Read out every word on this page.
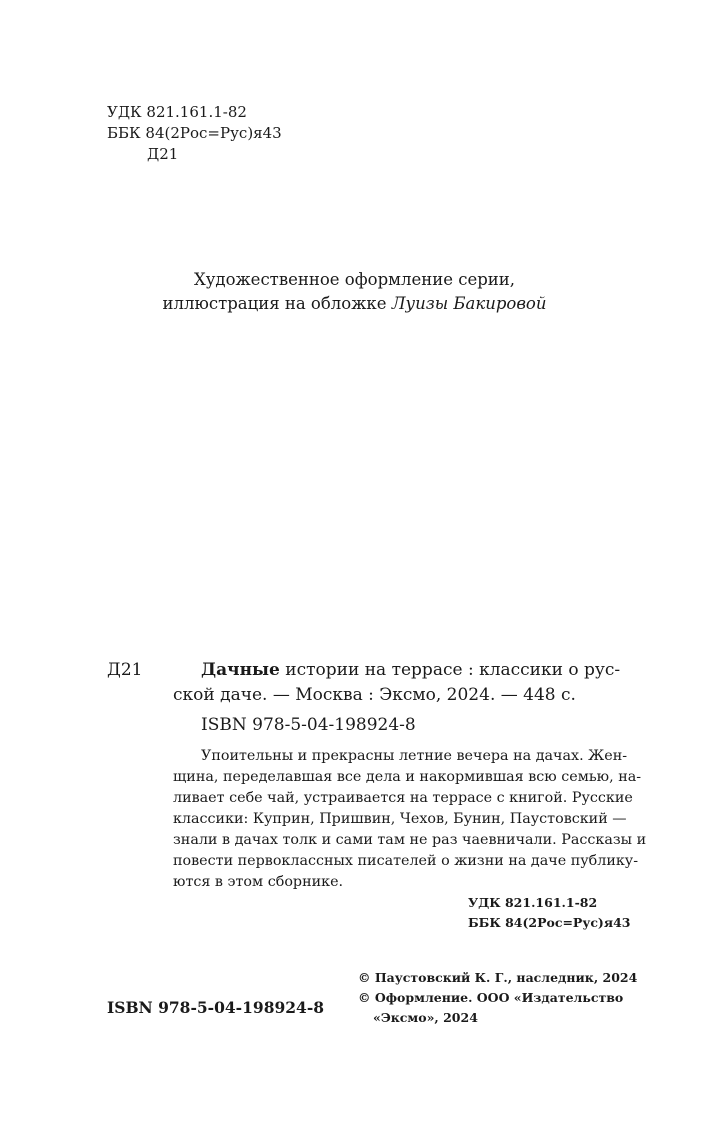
УДК 821.161.1-82
ББК 84(2Рос=Рус)я43
Д21
Художественное оформление серии,
иллюстрация на обложке Луизы Бакировой
Д21	Дачные истории на террасе : классики о рус-
ской даче. — Москва : Эксмо, 2024. — 448 с.
ISBN 978-5-04-198924-8
Упоительны и прекрасны летние вечера на дачах. Жен-
щина, переделавшая все дела и накормившая всю семью, на-
ливает себе чай, устраивается на террасе с книгой. Русские
классики: Куприн, Пришвин, Чехов, Бунин, Паустовский —
знали в дачах толк и сами там не раз чаевничали. Рассказы и
повести первоклассных писателей о жизни на даче публику-
ются в этом сборнике.
УДК 821.161.1-82
ББК 84(2Рос=Рус)я43
© Паустовский К. Г., наследник, 2024
© Оформление. ООО «Издательство
«Эксмо», 2024
ISBN 978-5-04-198924-8
